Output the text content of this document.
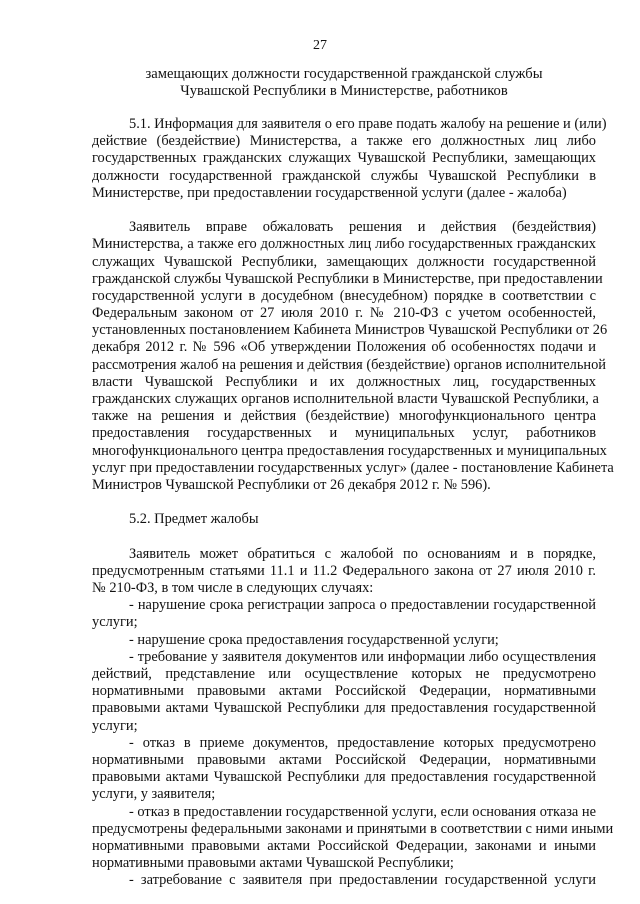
27
замещающих должности государственной гражданской службы
Чувашской Республики в Министерстве, работников
5.1. Информация для заявителя о его праве подать жалобу на решение и (или)
действие (бездействие) Министерства, а также его должностных лиц либо
государственных гражданских служащих Чувашской Республики, замещающих
должности государственной гражданской службы Чувашской Республики в
Министерстве, при предоставлении государственной услуги (далее - жалоба)
Заявитель вправе обжаловать решения и действия (бездействия)
Министерства, а также его должностных лиц либо государственных гражданских
служащих Чувашской Республики, замещающих должности государственной
гражданской службы Чувашской Республики в Министерстве, при предоставлении
государственной услуги в досудебном (внесудебном) порядке в соответствии с
Федеральным законом от 27 июля 2010 г. № 210-ФЗ с учетом особенностей,
установленных постановлением Кабинета Министров Чувашской Республики от 26
декабря 2012 г. № 596 «Об утверждении Положения об особенностях подачи и
рассмотрения жалоб на решения и действия (бездействие) органов исполнительной
власти Чувашской Республики и их должностных лиц, государственных
гражданских служащих органов исполнительной власти Чувашской Республики, а
также на решения и действия (бездействие) многофункционального центра
предоставления государственных и муниципальных услуг, работников
многофункционального центра предоставления государственных и муниципальных
услуг при предоставлении государственных услуг» (далее - постановление Кабинета
Министров Чувашской Республики от 26 декабря 2012 г. № 596).
5.2. Предмет жалобы
Заявитель может обратиться с жалобой по основаниям и в порядке,
предусмотренным статьями 11.1 и 11.2 Федерального закона от 27 июля 2010 г.
№ 210-ФЗ, в том числе в следующих случаях:
- нарушение срока регистрации запроса о предоставлении государственной
услуги;
- нарушение срока предоставления государственной услуги;
- требование у заявителя документов или информации либо осуществления
действий, представление или осуществление которых не предусмотрено
нормативными правовыми актами Российской Федерации, нормативными
правовыми актами Чувашской Республики для предоставления государственной
услуги;
- отказ в приеме документов, предоставление которых предусмотрено
нормативными правовыми актами Российской Федерации, нормативными
правовыми актами Чувашской Республики для предоставления государственной
услуги, у заявителя;
- отказ в предоставлении государственной услуги, если основания отказа не
предусмотрены федеральными законами и принятыми в соответствии с ними иными
нормативными правовыми актами Российской Федерации, законами и иными
нормативными правовыми актами Чувашской Республики;
- затребование с заявителя при предоставлении государственной услуги
